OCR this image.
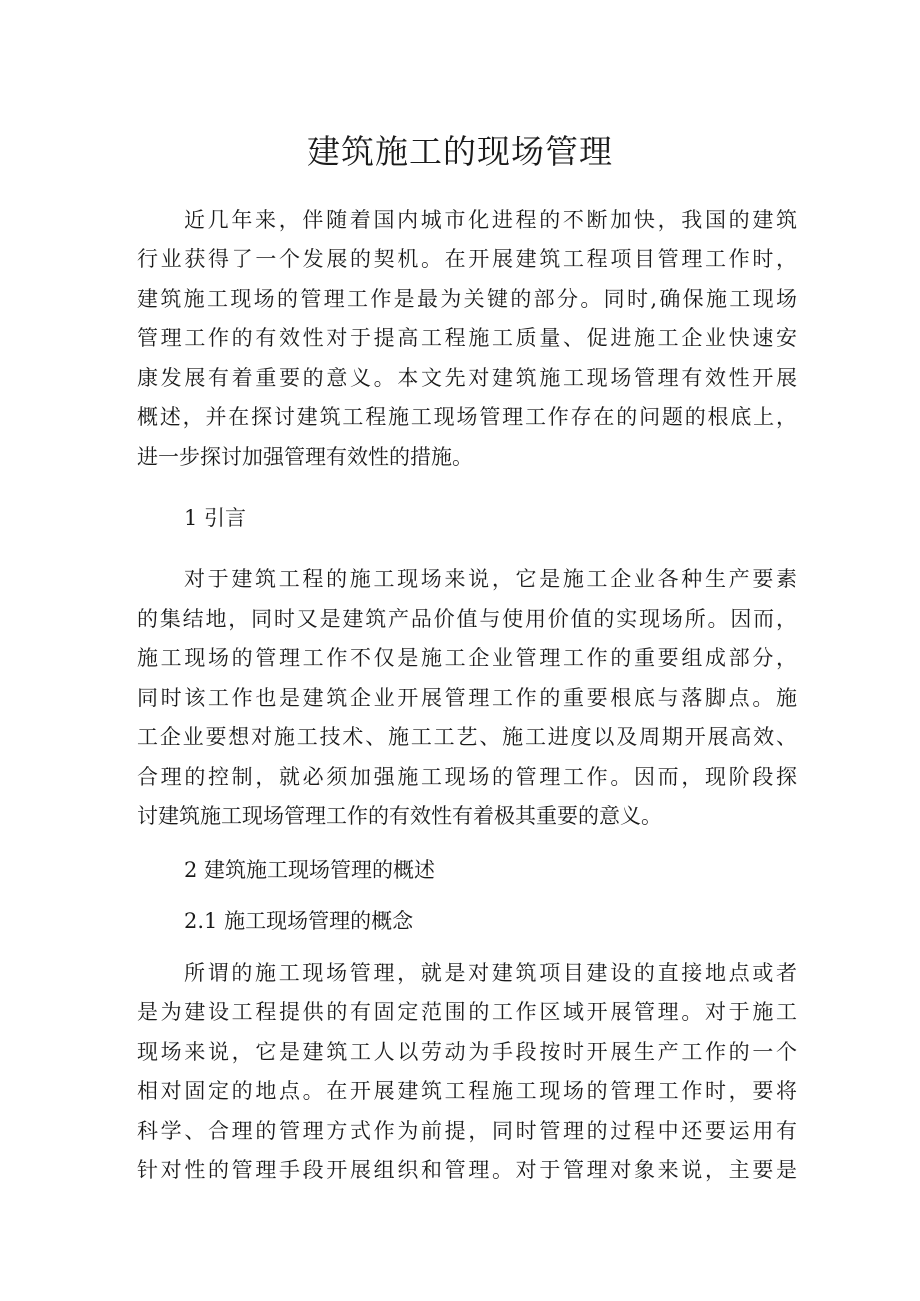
建筑施工的现场管理
近几年来，伴随着国内城市化进程的不断加快，我国的建筑
行业获得了一个发展的契机。在开展建筑工程项目管理工作时，
建筑施工现场的管理工作是最为关键的部分。同时,确保施工现场
管理工作的有效性对于提高工程施工质量、促进施工企业快速安
康发展有着重要的意义。本文先对建筑施工现场管理有效性开展
概述，并在探讨建筑工程施工现场管理工作存在的问题的根底上，
进一步探讨加强管理有效性的措施。
1 引言
对于建筑工程的施工现场来说，它是施工企业各种生产要素
的集结地，同时又是建筑产品价值与使用价值的实现场所。因而，
施工现场的管理工作不仅是施工企业管理工作的重要组成部分，
同时该工作也是建筑企业开展管理工作的重要根底与落脚点。施
工企业要想对施工技术、施工工艺、施工进度以及周期开展高效、
合理的控制，就必须加强施工现场的管理工作。因而，现阶段探
讨建筑施工现场管理工作的有效性有着极其重要的意义。
2 建筑施工现场管理的概述
2.1 施工现场管理的概念
所谓的施工现场管理，就是对建筑项目建设的直接地点或者
是为建设工程提供的有固定范围的工作区域开展管理。对于施工
现场来说，它是建筑工人以劳动为手段按时开展生产工作的一个
相对固定的地点。在开展建筑工程施工现场的管理工作时，要将
科学、合理的管理方式作为前提，同时管理的过程中还要运用有
针对性的管理手段开展组织和管理。对于管理对象来说，主要是
